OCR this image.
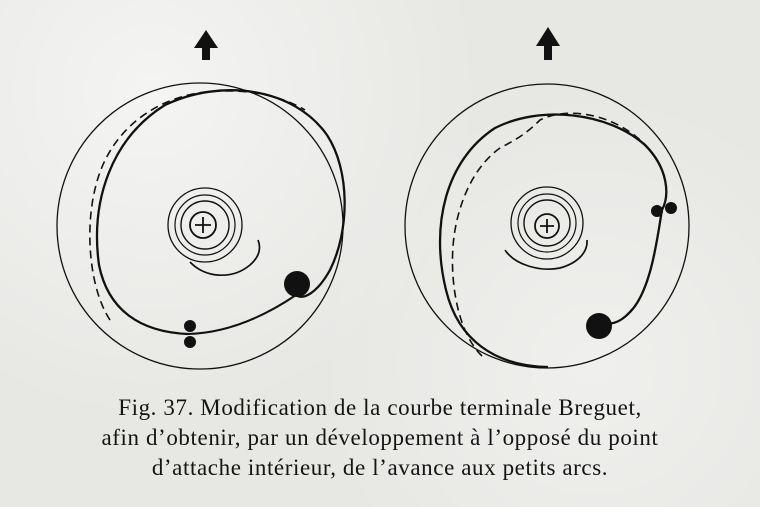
Fig. 37. Modification de la courbe terminale Breguet,
afin d’obtenir, par un développement à l’opposé du point
d’attache intérieur, de l’avance aux petits arcs.
